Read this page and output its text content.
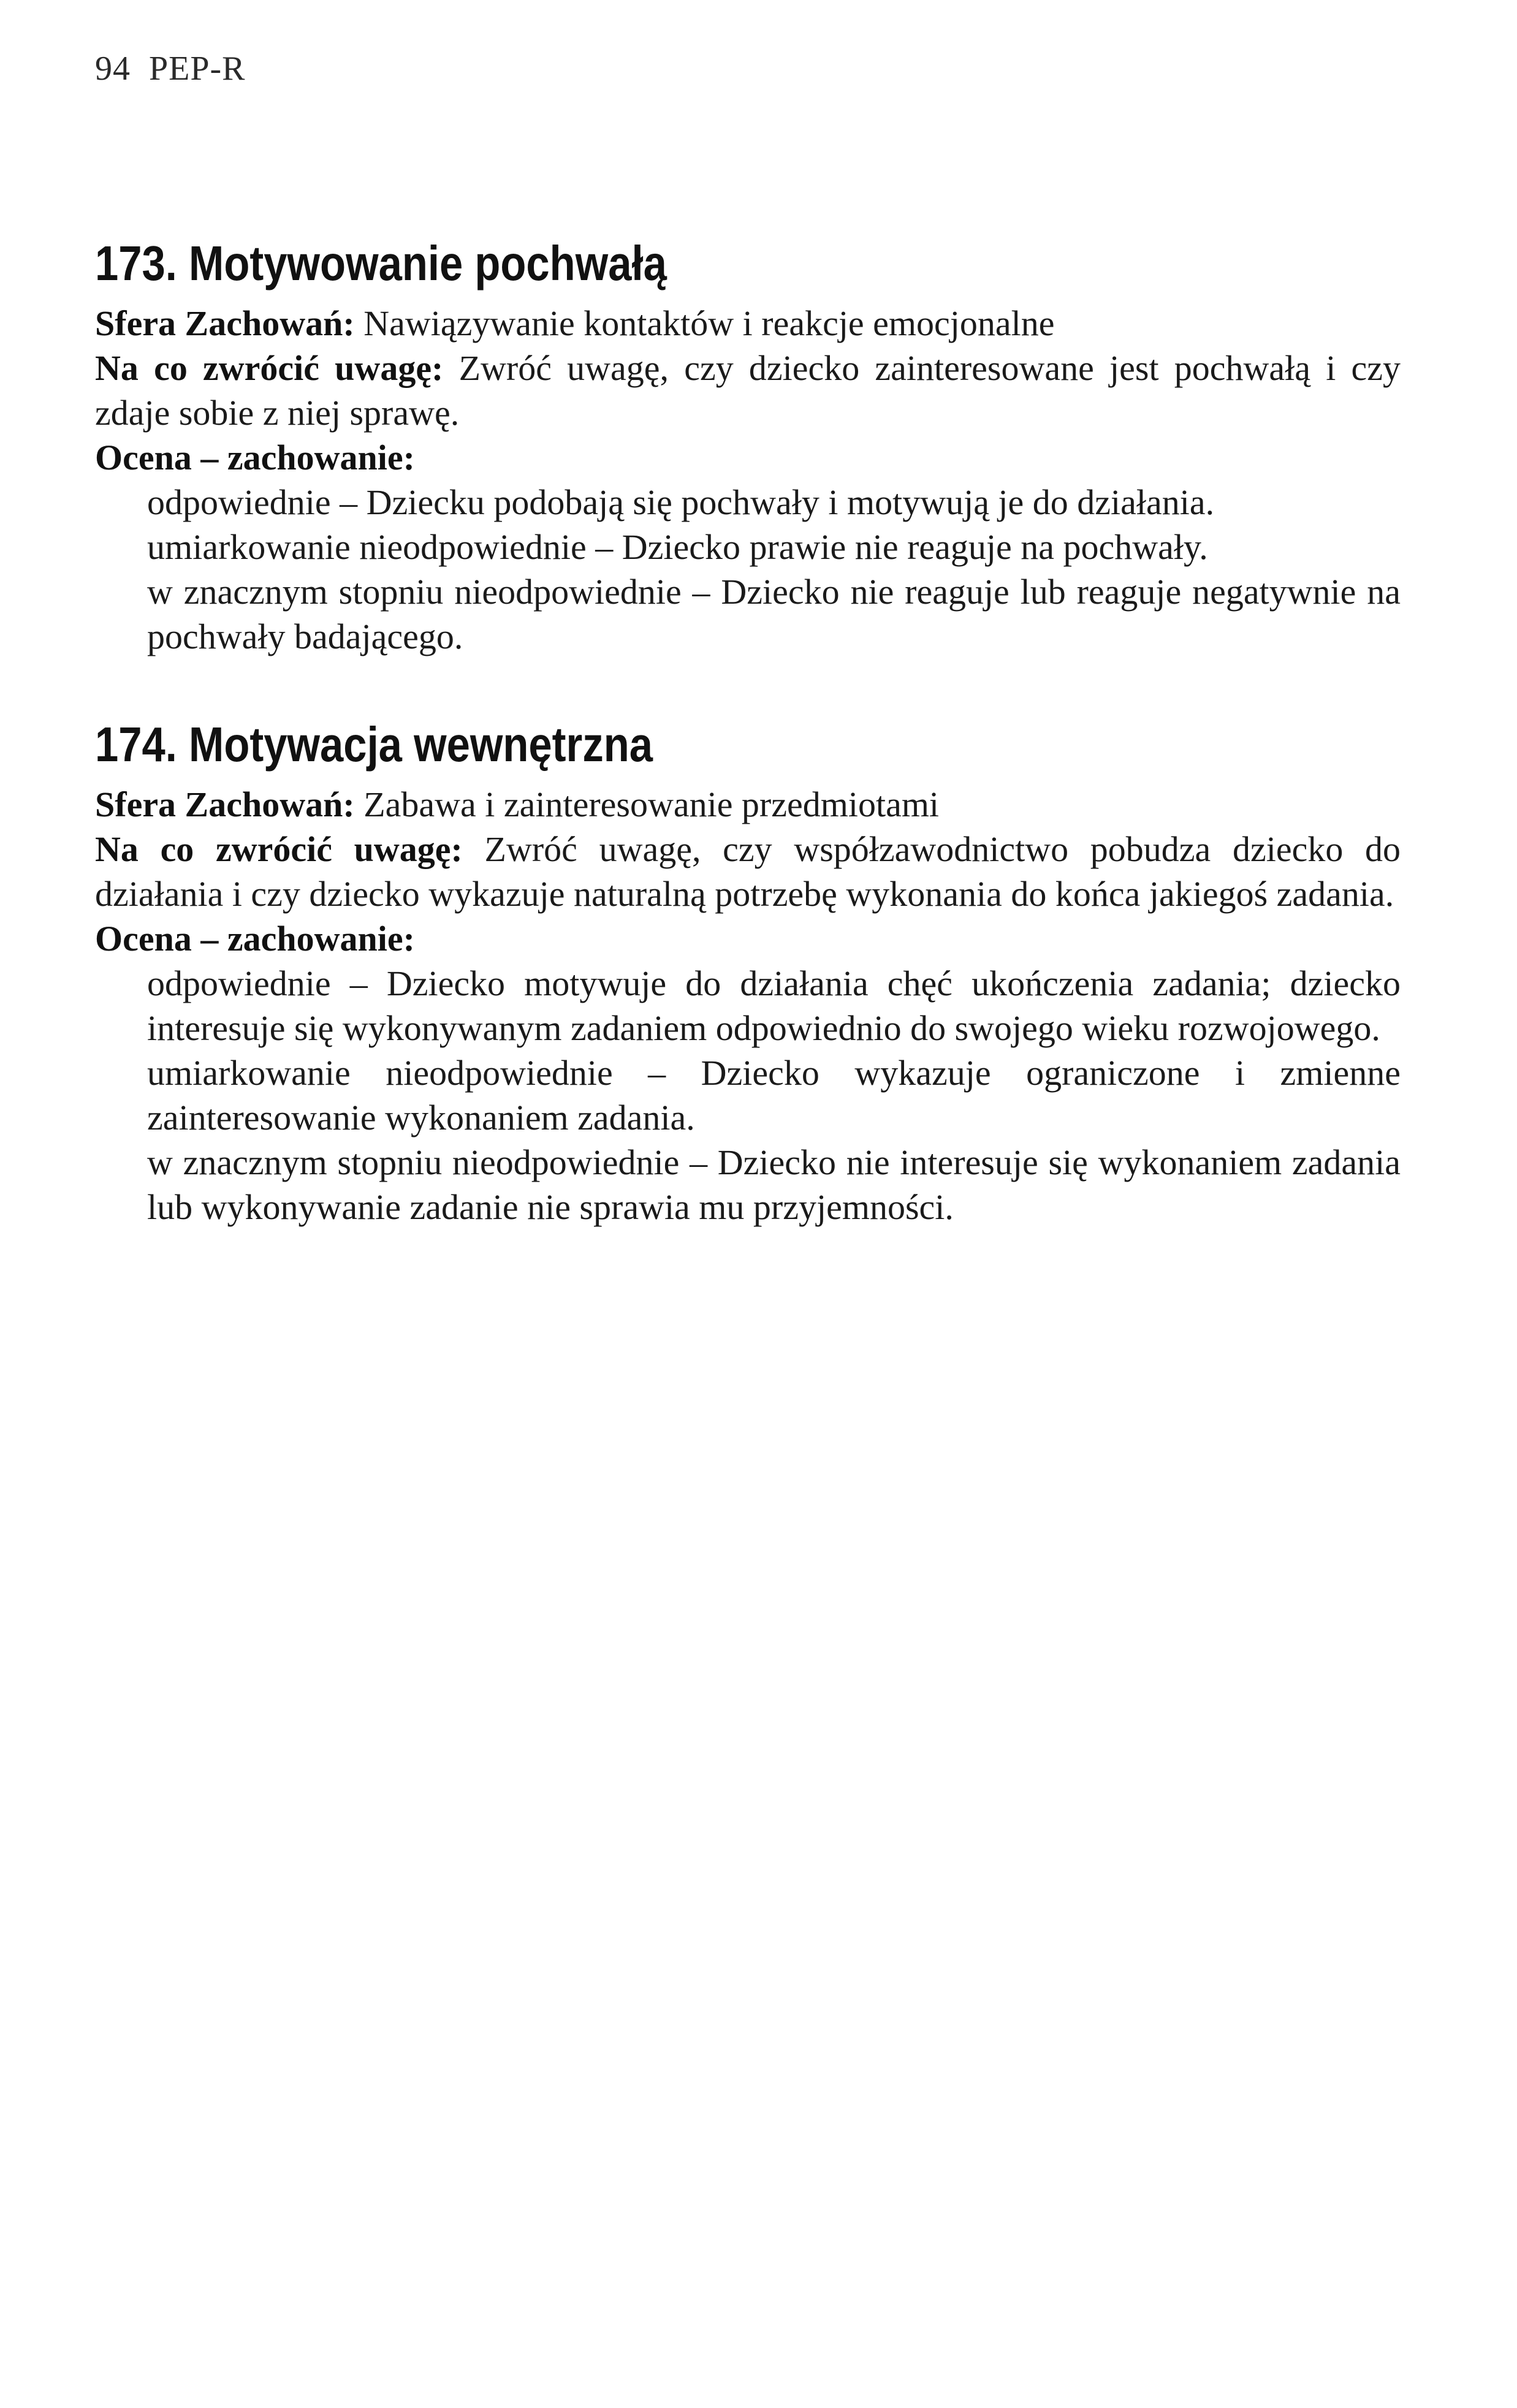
94 PEP-R
173. Motywowanie pochwałą

Sfera Zachowań: Nawiązywanie kontaktów i reakcje emocjonalne

Na co zwrócić uwagę: Zwróć uwagę, czy dziecko zainteresowane jest pochwałą i czy zdaje sobie z niej sprawę.

Ocena – zachowanie:

odpowiednie – Dziecku podobają się pochwały i motywują je do działania.

umiarkowanie nieodpowiednie – Dziecko prawie nie reaguje na pochwały.

w znacznym stopniu nieodpowiednie – Dziecko nie reaguje lub reaguje negatywnie na pochwały badającego.

174. Motywacja wewnętrzna

Sfera Zachowań: Zabawa i zainteresowanie przedmiotami

Na co zwrócić uwagę: Zwróć uwagę, czy współzawodnictwo pobudza dziecko do działania i czy dziecko wykazuje naturalną potrzebę wykonania do końca jakiegoś zadania.

Ocena – zachowanie:

odpowiednie – Dziecko motywuje do działania chęć ukończenia zadania; dziecko interesuje się wykonywanym zadaniem odpowiednio do swojego wieku rozwojowego.

umiarkowanie nieodpowiednie – Dziecko wykazuje ograniczone i zmienne zainteresowanie wykonaniem zadania.

w znacznym stopniu nieodpowiednie – Dziecko nie interesuje się wykonaniem zadania lub wykonywanie zadanie nie sprawia mu przyjemności.
